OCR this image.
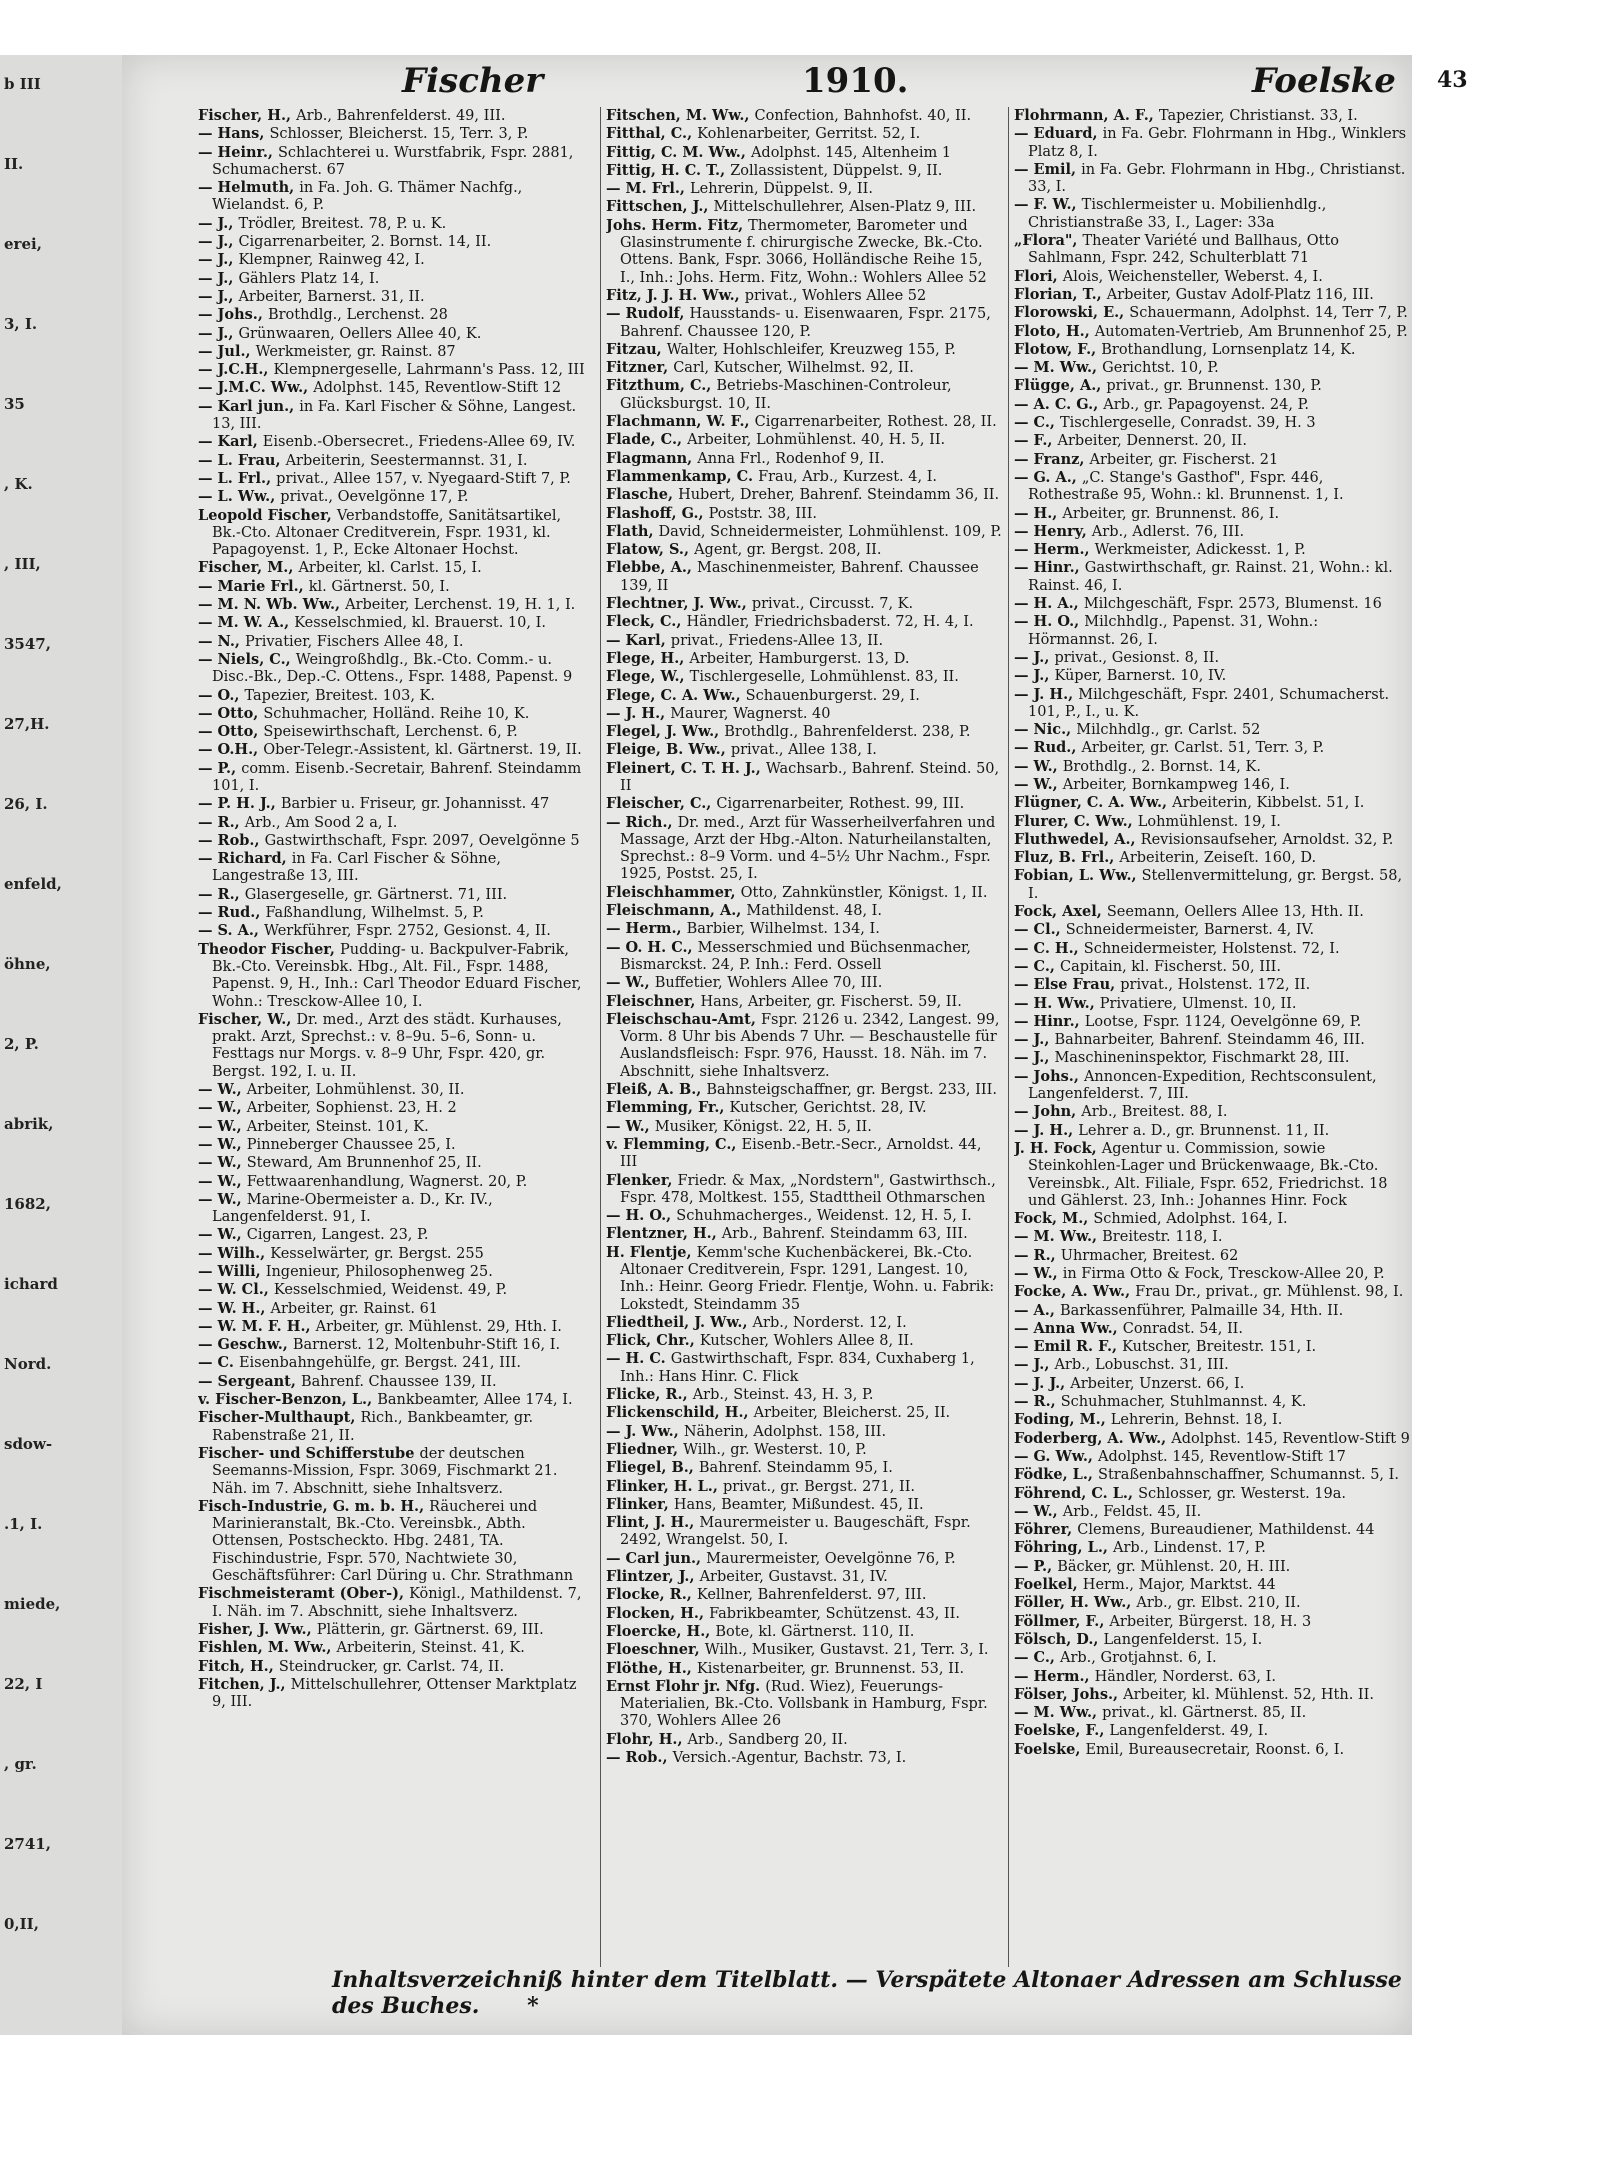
b III
II.
erei,
3, I.
35
, K.
, III,
3547,
27,H.
26, I.
enfeld,
öhne,
2, P.
abrik,
1682,
ichard
Nord.
sdow-
.1, I.
miede,
22, I
, gr.
2741,
0,II,
Fischer	1910.	Foelske 43

Fischer, H., Arb., Bahrenfelderst. 49, III.

— Hans, Schlosser, Bleicherst. 15, Terr. 3, P.

— Heinr., Schlachterei u. Wurstfabrik, Fspr. 2881, Schumacherst. 67

— Helmuth, in Fa. Joh. G. Thämer Nachfg., Wielandst. 6, P.

— J., Trödler, Breitest. 78, P. u. K.

— J., Cigarrenarbeiter, 2. Bornst. 14, II.

— J., Klempner, Rainweg 42, I.

— J., Gählers Platz 14, I.

— J., Arbeiter, Barnerst. 31, II.

— Johs., Brothdlg., Lerchenst. 28

— J., Grünwaaren, Oellers Allee 40, K.

— Jul., Werkmeister, gr. Rainst. 87

— J.C.H., Klempnergeselle, Lahrmann's Pass. 12, III

— J.M.C. Ww., Adolphst. 145, Reventlow-Stift 12

— Karl jun., in Fa. Karl Fischer & Söhne, Langest. 13, III.

— Karl, Eisenb.-Obersecret., Friedens-Allee 69, IV.

— L. Frau, Arbeiterin, Seestermannst. 31, I.

— L. Frl., privat., Allee 157, v. Nyegaard-Stift 7, P.

— L. Ww., privat., Oevelgönne 17, P.

Leopold Fischer, Verbandstoffe, Sanitätsartikel, Bk.-Cto. Altonaer Creditverein, Fspr. 1931, kl. Papagoyenst. 1, P., Ecke Altonaer Hochst.

Fischer, M., Arbeiter, kl. Carlst. 15, I.

— Marie Frl., kl. Gärtnerst. 50, I.

— M. N. Wb. Ww., Arbeiter, Lerchenst. 19, H. 1, I.

— M. W. A., Kesselschmied, kl. Brauerst. 10, I.

— N., Privatier, Fischers Allee 48, I.

— Niels, C., Weingroßhdlg., Bk.-Cto. Comm.- u. Disc.-Bk., Dep.-C. Ottens., Fspr. 1488, Papenst. 9

— O., Tapezier, Breitest. 103, K.

— Otto, Schuhmacher, Holländ. Reihe 10, K.

— Otto, Speisewirthschaft, Lerchenst. 6, P.

— O.H., Ober-Telegr.-Assistent, kl. Gärtnerst. 19, II.

— P., comm. Eisenb.-Secretair, Bahrenf. Steindamm 101, I.

— P. H. J., Barbier u. Friseur, gr. Johannisst. 47

— R., Arb., Am Sood 2 a, I.

— Rob., Gastwirthschaft, Fspr. 2097, Oevelgönne 5

— Richard, in Fa. Carl Fischer & Söhne, Langestraße 13, III.

— R., Glasergeselle, gr. Gärtnerst. 71, III.

— Rud., Faßhandlung, Wilhelmst. 5, P.

— S. A., Werkführer, Fspr. 2752, Gesionst. 4, II.

Theodor Fischer, Pudding- u. Backpulver-Fabrik, Bk.-Cto. Vereinsbk. Hbg., Alt. Fil., Fspr. 1488, Papenst. 9, H., Inh.: Carl Theodor Eduard Fischer, Wohn.: Tresckow-Allee 10, I.

Fischer, W., Dr. med., Arzt des städt. Kurhauses, prakt. Arzt, Sprechst.: v. 8–9u. 5–6, Sonn- u. Festtags nur Morgs. v. 8–9 Uhr, Fspr. 420, gr. Bergst. 192, I. u. II.

— W., Arbeiter, Lohmühlenst. 30, II.

— W., Arbeiter, Sophienst. 23, H. 2

— W., Arbeiter, Steinst. 101, K.

— W., Pinneberger Chaussee 25, I.

— W., Steward, Am Brunnenhof 25, II.

— W., Fettwaarenhandlung, Wagnerst. 20, P.

— W., Marine-Obermeister a. D., Kr. IV., Langenfelderst. 91, I.

— W., Cigarren, Langest. 23, P.

— Wilh., Kesselwärter, gr. Bergst. 255

— Willi, Ingenieur, Philosophenweg 25.

— W. Cl., Kesselschmied, Weidenst. 49, P.

— W. H., Arbeiter, gr. Rainst. 61

— W. M. F. H., Arbeiter, gr. Mühlenst. 29, Hth. I.

— Geschw., Barnerst. 12, Moltenbuhr-Stift 16, I.

— C. Eisenbahngehülfe, gr. Bergst. 241, III.

— Sergeant, Bahrenf. Chaussee 139, II.

v. Fischer-Benzon, L., Bankbeamter, Allee 174, I.

Fischer-Multhaupt, Rich., Bankbeamter, gr. Rabenstraße 21, II.

Fischer- und Schifferstube der deutschen Seemanns-Mission, Fspr. 3069, Fischmarkt 21. Näh. im 7. Abschnitt, siehe Inhaltsverz.

Fisch-Industrie, G. m. b. H., Räucherei und Marinieranstalt, Bk.-Cto. Vereinsbk., Abth. Ottensen, Postscheckto. Hbg. 2481, TA. Fischindustrie, Fspr. 570, Nachtwiete 30, Geschäftsführer: Carl Düring u. Chr. Strathmann

Fischmeisteramt (Ober-), Königl., Mathildenst. 7, I. Näh. im 7. Abschnitt, siehe Inhaltsverz.

Fisher, J. Ww., Plätterin, gr. Gärtnerst. 69, III.

Fishlen, M. Ww., Arbeiterin, Steinst. 41, K.

Fitch, H., Steindrucker, gr. Carlst. 74, II.

Fitchen, J., Mittelschullehrer, Ottenser Marktplatz 9, III.

Fitschen, M. Ww., Confection, Bahnhofst. 40, II.

Fitthal, C., Kohlenarbeiter, Gerritst. 52, I.

Fittig, C. M. Ww., Adolphst. 145, Altenheim 1

Fittig, H. C. T., Zollassistent, Düppelst. 9, II.

— M. Frl., Lehrerin, Düppelst. 9, II.

Fittschen, J., Mittelschullehrer, Alsen-Platz 9, III.

Johs. Herm. Fitz, Thermometer, Barometer und Glasinstrumente f. chirurgische Zwecke, Bk.-Cto. Ottens. Bank, Fspr. 3066, Holländische Reihe 15, I., Inh.: Johs. Herm. Fitz, Wohn.: Wohlers Allee 52

Fitz, J. J. H. Ww., privat., Wohlers Allee 52

— Rudolf, Hausstands- u. Eisenwaaren, Fspr. 2175, Bahrenf. Chaussee 120, P.

Fitzau, Walter, Hohlschleifer, Kreuzweg 155, P.

Fitzner, Carl, Kutscher, Wilhelmst. 92, II.

Fitzthum, C., Betriebs-Maschinen-Controleur, Glücksburgst. 10, II.

Flachmann, W. F., Cigarrenarbeiter, Rothest. 28, II.

Flade, C., Arbeiter, Lohmühlenst. 40, H. 5, II.

Flagmann, Anna Frl., Rodenhof 9, II.

Flammenkamp, C. Frau, Arb., Kurzest. 4, I.

Flasche, Hubert, Dreher, Bahrenf. Steindamm 36, II.

Flashoff, G., Poststr. 38, III.

Flath, David, Schneidermeister, Lohmühlenst. 109, P.

Flatow, S., Agent, gr. Bergst. 208, II.

Flebbe, A., Maschinenmeister, Bahrenf. Chaussee 139, II

Flechtner, J. Ww., privat., Circusst. 7, K.

Fleck, C., Händler, Friedrichsbaderst. 72, H. 4, I.

— Karl, privat., Friedens-Allee 13, II.

Flege, H., Arbeiter, Hamburgerst. 13, D.

Flege, W., Tischlergeselle, Lohmühlenst. 83, II.

Flege, C. A. Ww., Schauenburgerst. 29, I.

— J. H., Maurer, Wagnerst. 40

Flegel, J. Ww., Brothdlg., Bahrenfelderst. 238, P.

Fleige, B. Ww., privat., Allee 138, I.

Fleinert, C. T. H. J., Wachsarb., Bahrenf. Steind. 50, II

Fleischer, C., Cigarrenarbeiter, Rothest. 99, III.

— Rich., Dr. med., Arzt für Wasserheilverfahren und Massage, Arzt der Hbg.-Alton. Naturheilanstalten, Sprechst.: 8–9 Vorm. und 4–5½ Uhr Nachm., Fspr. 1925, Postst. 25, I.

Fleischhammer, Otto, Zahnkünstler, Königst. 1, II.

Fleischmann, A., Mathildenst. 48, I.

— Herm., Barbier, Wilhelmst. 134, I.

— O. H. C., Messerschmied und Büchsenmacher, Bismarckst. 24, P. Inh.: Ferd. Ossell

— W., Buffetier, Wohlers Allee 70, III.

Fleischner, Hans, Arbeiter, gr. Fischerst. 59, II.

Fleischschau-Amt, Fspr. 2126 u. 2342, Langest. 99, Vorm. 8 Uhr bis Abends 7 Uhr. — Beschaustelle für Auslandsfleisch: Fspr. 976, Hausst. 18. Näh. im 7. Abschnitt, siehe Inhaltsverz.

Fleiß, A. B., Bahnsteigschaffner, gr. Bergst. 233, III.

Flemming, Fr., Kutscher, Gerichtst. 28, IV.

— W., Musiker, Königst. 22, H. 5, II.

v. Flemming, C., Eisenb.-Betr.-Secr., Arnoldst. 44, III

Flenker, Friedr. & Max, „Nordstern", Gastwirthsch., Fspr. 478, Moltkest. 155, Stadttheil Othmarschen

— H. O., Schuhmacherges., Weidenst. 12, H. 5, I.

Flentzner, H., Arb., Bahrenf. Steindamm 63, III.

H. Flentje, Kemm'sche Kuchenbäckerei, Bk.-Cto. Altonaer Creditverein, Fspr. 1291, Langest. 10, Inh.: Heinr. Georg Friedr. Flentje, Wohn. u. Fabrik: Lokstedt, Steindamm 35

Fliedtheil, J. Ww., Arb., Norderst. 12, I.

Flick, Chr., Kutscher, Wohlers Allee 8, II.

— H. C. Gastwirthschaft, Fspr. 834, Cuxhaberg 1, Inh.: Hans Hinr. C. Flick

Flicke, R., Arb., Steinst. 43, H. 3, P.

Flickenschild, H., Arbeiter, Bleicherst. 25, II.

— J. Ww., Näherin, Adolphst. 158, III.

Fliedner, Wilh., gr. Westerst. 10, P.

Fliegel, B., Bahrenf. Steindamm 95, I.

Flinker, H. L., privat., gr. Bergst. 271, II.

Flinker, Hans, Beamter, Mißundest. 45, II.

Flint, J. H., Maurermeister u. Baugeschäft, Fspr. 2492, Wrangelst. 50, I.

— Carl jun., Maurermeister, Oevelgönne 76, P.

Flintzer, J., Arbeiter, Gustavst. 31, IV.

Flocke, R., Kellner, Bahrenfelderst. 97, III.

Flocken, H., Fabrikbeamter, Schützenst. 43, II.

Floercke, H., Bote, kl. Gärtnerst. 110, II.

Floeschner, Wilh., Musiker, Gustavst. 21, Terr. 3, I.

Flöthe, H., Kistenarbeiter, gr. Brunnenst. 53, II.

Ernst Flohr jr. Nfg. (Rud. Wiez), Feuerungs-Materialien, Bk.-Cto. Vollsbank in Hamburg, Fspr. 370, Wohlers Allee 26

Flohr, H., Arb., Sandberg 20, II.

— Rob., Versich.-Agentur, Bachstr. 73, I.

Flohrmann, A. F., Tapezier, Christianst. 33, I.

— Eduard, in Fa. Gebr. Flohrmann in Hbg., Winklers Platz 8, I.

— Emil, in Fa. Gebr. Flohrmann in Hbg., Christianst. 33, I.

— F. W., Tischlermeister u. Mobilienhdlg., Christianstraße 33, I., Lager: 33a

„Flora", Theater Variété und Ballhaus, Otto Sahlmann, Fspr. 242, Schulterblatt 71

Flori, Alois, Weichensteller, Weberst. 4, I.

Florian, T., Arbeiter, Gustav Adolf-Platz 116, III.

Florowski, E., Schauermann, Adolphst. 14, Terr 7, P.

Floto, H., Automaten-Vertrieb, Am Brunnenhof 25, P.

Flotow, F., Brothandlung, Lornsenplatz 14, K.

— M. Ww., Gerichtst. 10, P.

Flügge, A., privat., gr. Brunnenst. 130, P.

— A. C. G., Arb., gr. Papagoyenst. 24, P.

— C., Tischlergeselle, Conradst. 39, H. 3

— F., Arbeiter, Dennerst. 20, II.

— Franz, Arbeiter, gr. Fischerst. 21

— G. A., „C. Stange's Gasthof", Fspr. 446, Rothestraße 95, Wohn.: kl. Brunnenst. 1, I.

— H., Arbeiter, gr. Brunnenst. 86, I.

— Henry, Arb., Adlerst. 76, III.

— Herm., Werkmeister, Adickesst. 1, P.

— Hinr., Gastwirthschaft, gr. Rainst. 21, Wohn.: kl. Rainst. 46, I.

— H. A., Milchgeschäft, Fspr. 2573, Blumenst. 16

— H. O., Milchhdlg., Papenst. 31, Wohn.: Hörmannst. 26, I.

— J., privat., Gesionst. 8, II.

— J., Küper, Barnerst. 10, IV.

— J. H., Milchgeschäft, Fspr. 2401, Schumacherst. 101, P., I., u. K.

— Nic., Milchhdlg., gr. Carlst. 52

— Rud., Arbeiter, gr. Carlst. 51, Terr. 3, P.

— W., Brothdlg., 2. Bornst. 14, K.

— W., Arbeiter, Bornkampweg 146, I.

Flügner, C. A. Ww., Arbeiterin, Kibbelst. 51, I.

Flurer, C. Ww., Lohmühlenst. 19, I.

Fluthwedel, A., Revisionsaufseher, Arnoldst. 32, P.

Fluz, B. Frl., Arbeiterin, Zeiseſt. 160, D.

Fobian, L. Ww., Stellenvermittelung, gr. Bergst. 58, I.

Fock, Axel, Seemann, Oellers Allee 13, Hth. II.

— Cl., Schneidermeister, Barnerst. 4, IV.

— C. H., Schneidermeister, Holstenst. 72, I.

— C., Capitain, kl. Fischerst. 50, III.

— Else Frau, privat., Holstenst. 172, II.

— H. Ww., Privatiere, Ulmenst. 10, II.

— Hinr., Lootse, Fspr. 1124, Oevelgönne 69, P.

— J., Bahnarbeiter, Bahrenf. Steindamm 46, III.

— J., Maschineninspektor, Fischmarkt 28, III.

— Johs., Annoncen-Expedition, Rechtsconsulent, Langenfelderst. 7, III.

— John, Arb., Breitest. 88, I.

— J. H., Lehrer a. D., gr. Brunnenst. 11, II.

J. H. Fock, Agentur u. Commission, sowie Steinkohlen-Lager und Brückenwaage, Bk.-Cto. Vereinsbk., Alt. Filiale, Fspr. 652, Friedrichst. 18 und Gählerst. 23, Inh.: Johannes Hinr. Fock

Fock, M., Schmied, Adolphst. 164, I.

— M. Ww., Breitestr. 118, I.

— R., Uhrmacher, Breitest. 62

— W., in Firma Otto & Fock, Tresckow-Allee 20, P.

Focke, A. Ww., Frau Dr., privat., gr. Mühlenst. 98, I.

— A., Barkassenführer, Palmaille 34, Hth. II.

— Anna Ww., Conradst. 54, II.

— Emil R. F., Kutscher, Breitestr. 151, I.

— J., Arb., Lobuschst. 31, III.

— J. J., Arbeiter, Unzerst. 66, I.

— R., Schuhmacher, Stuhlmannst. 4, K.

Foding, M., Lehrerin, Behnst. 18, I.

Foderberg, A. Ww., Adolphst. 145, Reventlow-Stift 9

— G. Ww., Adolphst. 145, Reventlow-Stift 17

Födke, L., Straßenbahnschaffner, Schumannst. 5, I.

Föhrend, C. L., Schlosser, gr. Westerst. 19a.

— W., Arb., Feldst. 45, II.

Föhrer, Clemens, Bureaudiener, Mathildenst. 44

Föhring, L., Arb., Lindenst. 17, P.

— P., Bäcker, gr. Mühlenst. 20, H. III.

Foelkel, Herm., Major, Marktst. 44

Föller, H. Ww., Arb., gr. Elbst. 210, II.

Föllmer, F., Arbeiter, Bürgerst. 18, H. 3

Fölsch, D., Langenfelderst. 15, I.

— C., Arb., Grotjahnst. 6, I.

— Herm., Händler, Norderst. 63, I.

Fölser, Johs., Arbeiter, kl. Mühlenst. 52, Hth. II.

— M. Ww., privat., kl. Gärtnerst. 85, II.

Foelske, F., Langenfelderst. 49, I.

Foelske, Emil, Bureausecretair, Roonst. 6, I.

Inhaltsverzeichniß hinter dem Titelblatt. — Verspätete Altonaer Adressen am Schlusse des Buches. *
